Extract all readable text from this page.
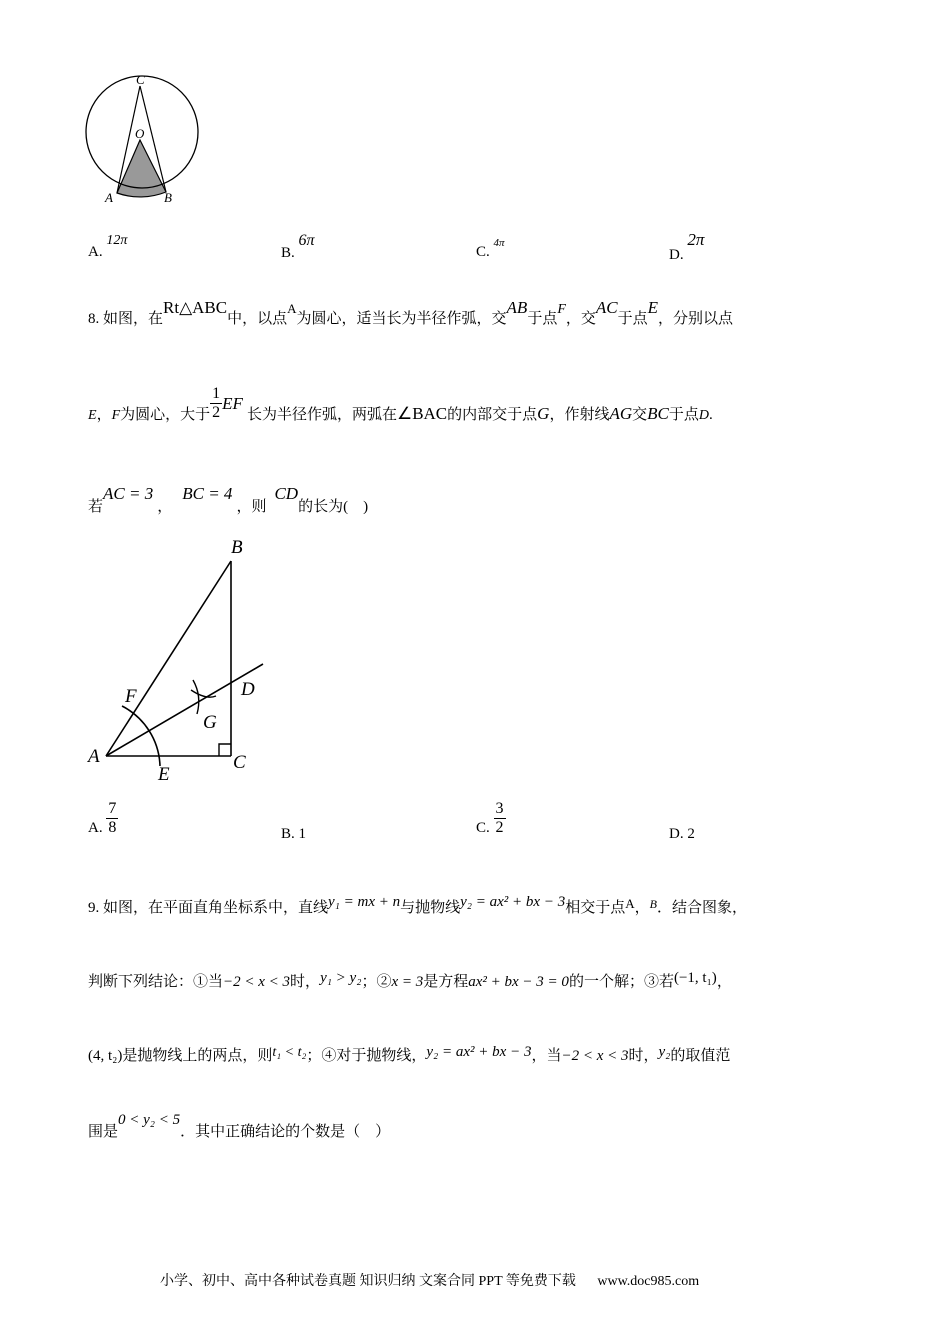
C
O
A	B
A. 12π
B. 6π
C. $^{4\pi}$
D. 2π
8. 如图，在Rt△ABC中，以点A为圆心，适当长为半径作弧，交AB于点F，交AC于点E，分别以点
E，F为圆心，大于 $\frac{1}{2}$ EF长为半径作弧，两弧在∠BAC的内部交于点G，作射线AG交BC于点D.
若AC = 3，BC = 4，则CD的长为(　)
B
F	D
G
A	C
E
A. $\frac{7}{8}$	B. 1	C. $\frac{3}{2}$	D. 2
9. 如图，在平面直角坐标系中，直线y₁ = mx + n与抛物线y₂ = ax² + bx − 3相交于点A，$^B$．结合图象，
判断下列结论：①当−2 < x < 3时，y₁ > y₂；②x = 3是方程ax² + bx − 3 = 0的一个解；③若(−1, t₁)，
(4, t₂)是抛物线上的两点，则t₁ < t₂；④对于抛物线，y₂ = ax² + bx − 3，当−2 < x < 3时，y₂的取值范
围是0 < y₂ < 5．其中正确结论的个数是（　）
小学、初中、高中各种试卷真题 知识归纳 文案合同 PPT 等免费下载 www.doc985.com
